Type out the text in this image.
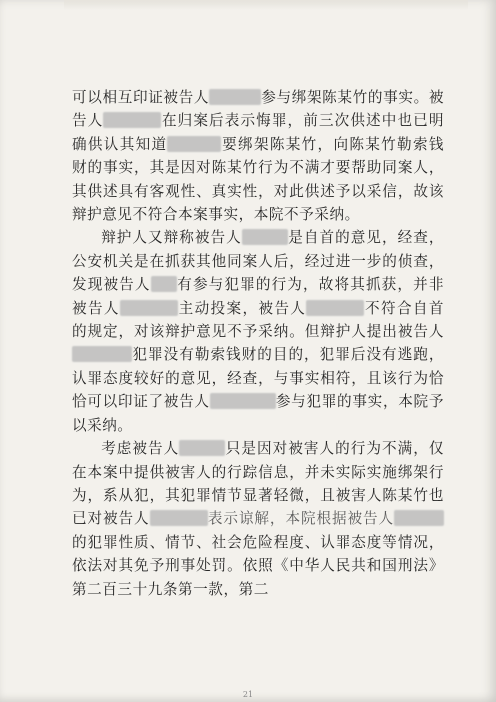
可以相互印证被告人	参与绑架陈某竹的事实。被告人	在归案后表示悔罪，前三次供述中也已明确供认其知道	要绑架陈某竹，向陈某竹勒索钱财的事实，其是因对陈某竹行为不满才要帮助同案人，其供述具有客观性、真实性，对此供述予以采信，故该辩护意见不符合本案事实，本院不予采纳。

辩护人又辩称被告人	是自首的意见，经查，公安机关是在抓获其他同案人后，经过进一步的侦查，发现被告人 有参与犯罪的行为，故将其抓获，并非被告人	主动投案，被告人	不符合自首的规定，对该辩护意见不予采纳。但辩护人提出被告人犯罪没有勒索钱财的目的，犯罪后没有逃跑，认罪态度较好的意见，经查，与事实相符，且该行为恰恰可以印证了被告人	参与犯罪的事实，本院予以采纳。

考虑被告人	只是因对被害人的行为不满，仅在本案中提供被害人的行踪信息，并未实际实施绑架行为，系从犯，其犯罪情节显著轻微，且被害人陈某竹也已对被告人	表示谅解，本院根据被告人的犯罪性质、情节、社会危险程度、认罪态度等情况，依法对其免予刑事处罚。依照《中华人民共和国刑法》第二百三十九条第一款，第二

21
